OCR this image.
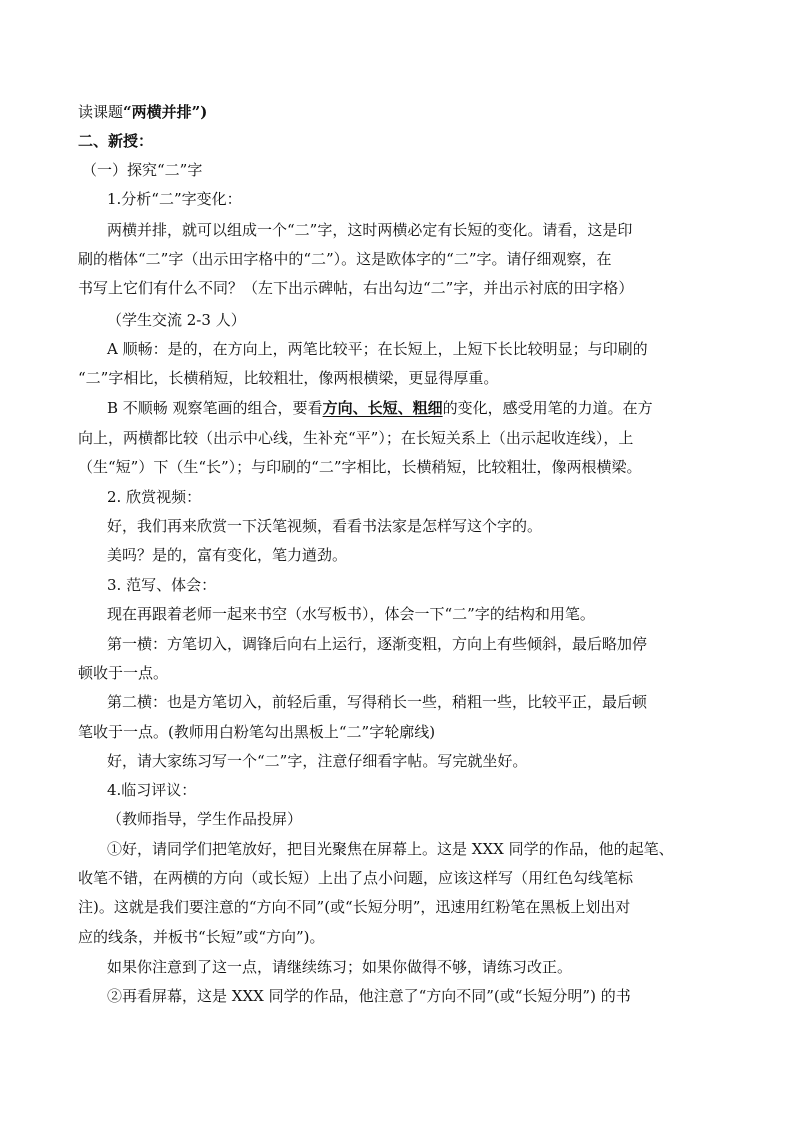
读课题“两横并排”)
二、新授：
（一）探究“二”字
1.分析“二”字变化：
两横并排，就可以组成一个“二”字，这时两横必定有长短的变化。请看，这是印
刷的楷体“二”字（出示田字格中的“二”）。这是欧体字的“二”字。请仔细观察，在
书写上它们有什么不同？（左下出示碑帖，右出勾边“二”字，并出示衬底的田字格）
（学生交流 2-3 人）
A 顺畅：是的，在方向上，两笔比较平；在长短上，上短下长比较明显；与印刷的
“二”字相比，长横稍短，比较粗壮，像两根横梁，更显得厚重。
B 不顺畅 观察笔画的组合，要看方向、长短、粗细的变化，感受用笔的力道。在方
向上，两横都比较（出示中心线，生补充“平”）；在长短关系上（出示起收连线），上
（生“短”）下（生“长”）；与印刷的“二”字相比，长横稍短，比较粗壮，像两根横梁。
2. 欣赏视频：
好，我们再来欣赏一下沃笔视频，看看书法家是怎样写这个字的。
美吗？是的，富有变化，笔力遒劲。
3. 范写、体会：
现在再跟着老师一起来书空（水写板书），体会一下“二”字的结构和用笔。
第一横：方笔切入，调锋后向右上运行，逐渐变粗，方向上有些倾斜，最后略加停
顿收于一点。
第二横：也是方笔切入，前轻后重，写得稍长一些，稍粗一些，比较平正，最后顿
笔收于一点。(教师用白粉笔勾出黑板上“二”字轮廓线)
好，请大家练习写一个“二”字，注意仔细看字帖。写完就坐好。
4.临习评议：
（教师指导，学生作品投屏）
①好，请同学们把笔放好，把目光聚焦在屏幕上。这是 XXX 同学的作品，他的起笔、
收笔不错，在两横的方向（或长短）上出了点小问题，应该这样写（用红色勾线笔标
注)。这就是我们要注意的“方向不同”(或“长短分明”，迅速用红粉笔在黑板上划出对
应的线条，并板书“长短”或“方向”)。
如果你注意到了这一点，请继续练习；如果你做得不够，请练习改正。
②再看屏幕，这是 XXX 同学的作品，他注意了“方向不同”(或“长短分明”) 的书
